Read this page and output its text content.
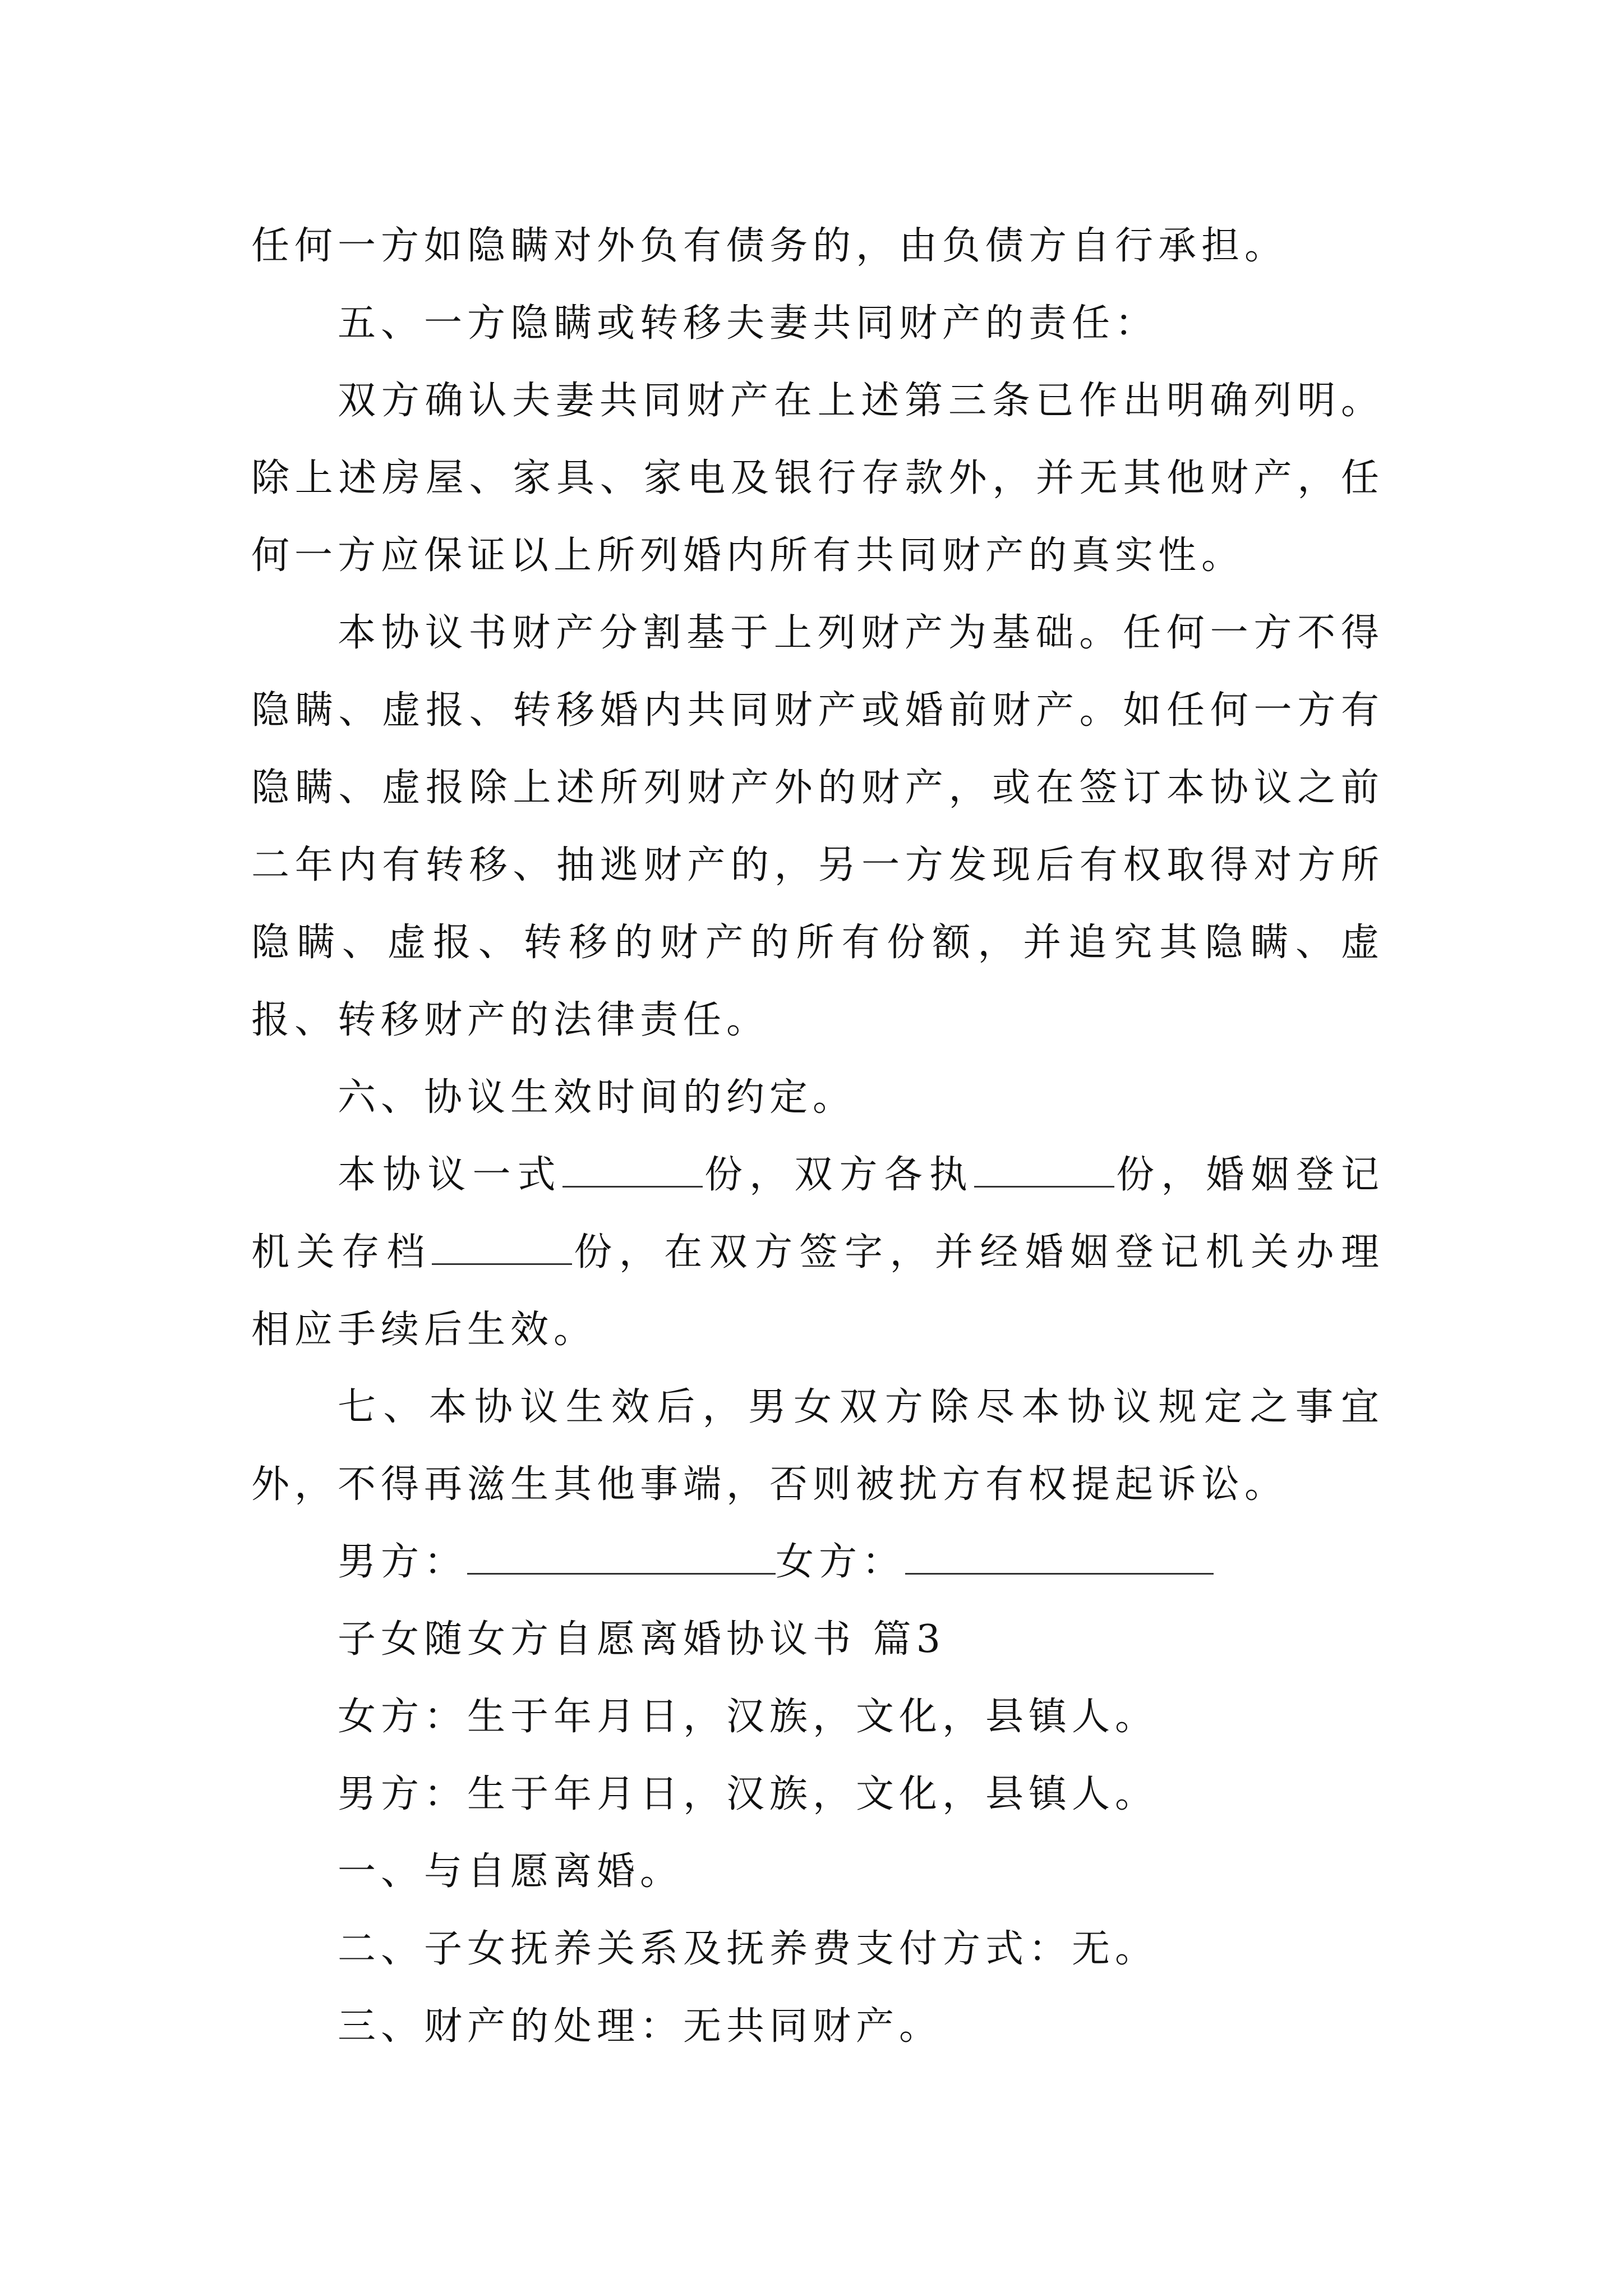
任何一方如隐瞒对外负有债务的，由负债方自行承担。

五、一方隐瞒或转移夫妻共同财产的责任：

双方确认夫妻共同财产在上述第三条已作出明确列明。除上述房屋、家具、家电及银行存款外，并无其他财产，任何一方应保证以上所列婚内所有共同财产的真实性。

本协议书财产分割基于上列财产为基础。任何一方不得隐瞒、虚报、转移婚内共同财产或婚前财产。如任何一方有隐瞒、虚报除上述所列财产外的财产，或在签订本协议之前二年内有转移、抽逃财产的，另一方发现后有权取得对方所隐瞒、虚报、转移的财产的所有份额，并追究其隐瞒、虚报、转移财产的法律责任。

六、协议生效时间的约定。

本协议一式	份，双方各执	份，婚姻登记机关存档	份，在双方签字，并经婚姻登记机关办理相应手续后生效。

七、本协议生效后，男女双方除尽本协议规定之事宜外，不得再滋生其他事端，否则被扰方有权提起诉讼。

男方：	女方：

子女随女方自愿离婚协议书 篇3

女方：生于年月日，汉族，文化，县镇人。

男方：生于年月日，汉族，文化，县镇人。

一、与自愿离婚。

二、子女抚养关系及抚养费支付方式：无。

三、财产的处理：无共同财产。
